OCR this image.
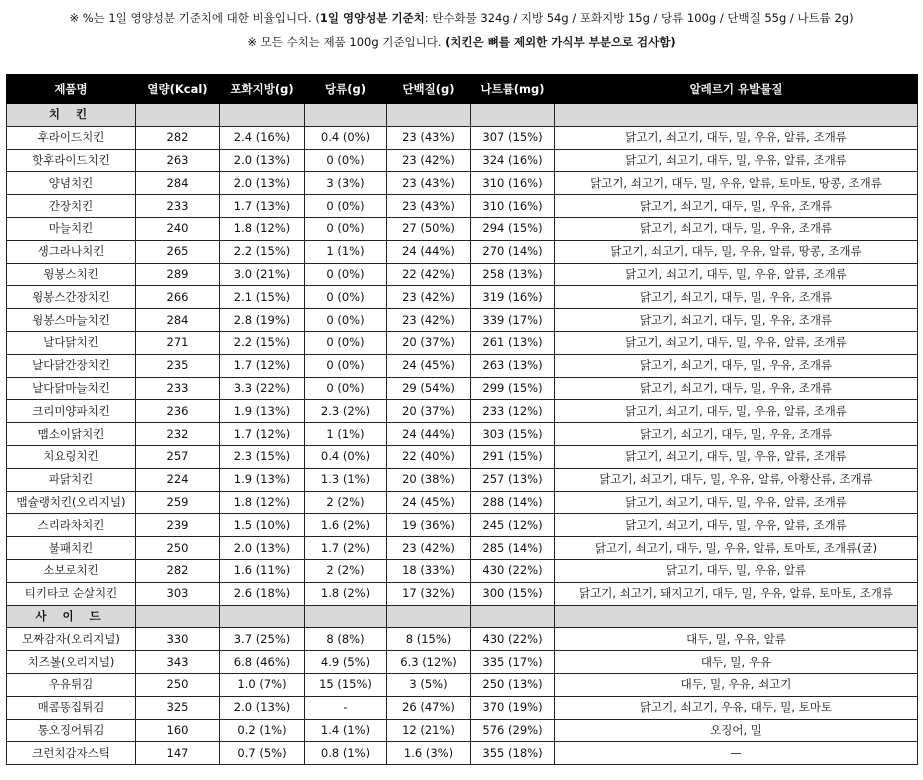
※ %는 1일 영양성분 기준치에 대한 비율입니다. (1일 영양성분 기준치: 탄수화물 324g / 지방 54g / 포화지방 15g / 당류 100g / 단백질 55g / 나트륨 2g)
※ 모든 수치는 제품 100g 기준입니다. (치킨은 뼈를 제외한 가식부 부분으로 검사함)
제품명	열량(Kcal)	포화지방(g)	당류(g)	단백질(g)	나트륨(mg)	알레르기 유발물질
치 킨						
후라이드치킨	282	2.4 (16%)	0.4 (0%)	23 (43%)	307 (15%)	닭고기, 쇠고기, 대두, 밀, 우유, 알류, 조개류
핫후라이드치킨	263	2.0 (13%)	0 (0%)	23 (42%)	324 (16%)	닭고기, 쇠고기, 대두, 밀, 우유, 알류, 조개류
양념치킨	284	2.0 (13%)	3 (3%)	23 (43%)	310 (16%)	닭고기, 쇠고기, 대두, 밀, 우유, 알류, 토마토, 땅콩, 조개류
간장치킨	233	1.7 (13%)	0 (0%)	23 (43%)	310 (16%)	닭고기, 쇠고기, 대두, 밀, 우유, 조개류
마늘치킨	240	1.8 (12%)	0 (0%)	27 (50%)	294 (15%)	닭고기, 쇠고기, 대두, 밀, 우유, 조개류
생그라나치킨	265	2.2 (15%)	1 (1%)	24 (44%)	270 (14%)	닭고기, 쇠고기, 대두, 밀, 우유, 알류, 땅콩, 조개류
윙봉스치킨	289	3.0 (21%)	0 (0%)	22 (42%)	258 (13%)	닭고기, 쇠고기, 대두, 밀, 우유, 알류, 조개류
윙봉스간장치킨	266	2.1 (15%)	0 (0%)	23 (42%)	319 (16%)	닭고기, 쇠고기, 대두, 밀, 우유, 조개류
윙봉스마늘치킨	284	2.8 (19%)	0 (0%)	23 (42%)	339 (17%)	닭고기, 쇠고기, 대두, 밀, 우유, 조개류
날다닭치킨	271	2.2 (15%)	0 (0%)	20 (37%)	261 (13%)	닭고기, 쇠고기, 대두, 밀, 우유, 알류, 조개류
날다닭간장치킨	235	1.7 (12%)	0 (0%)	24 (45%)	263 (13%)	닭고기, 쇠고기, 대두, 밀, 우유, 조개류
날다닭마늘치킨	233	3.3 (22%)	0 (0%)	29 (54%)	299 (15%)	닭고기, 쇠고기, 대두, 밀, 우유, 조개류
크리미양파치킨	236	1.9 (13%)	2.3 (2%)	20 (37%)	233 (12%)	닭고기, 쇠고기, 대두, 밀, 우유, 알류, 조개류
맵소이닭치킨	232	1.7 (12%)	1 (1%)	24 (44%)	303 (15%)	닭고기, 쇠고기, 대두, 밀, 우유, 조개류
치요링치킨	257	2.3 (15%)	0.4 (0%)	22 (40%)	291 (15%)	닭고기, 쇠고기, 대두, 밀, 우유, 알류, 조개류
파닭치킨	224	1.9 (13%)	1.3 (1%)	20 (38%)	257 (13%)	닭고기, 쇠고기, 대두, 밀, 우유, 알류, 아황산류, 조개류
맵슐랭치킨(오리지널)	259	1.8 (12%)	2 (2%)	24 (45%)	288 (14%)	닭고기, 쇠고기, 대두, 밀, 우유, 알류, 조개류
스리라차치킨	239	1.5 (10%)	1.6 (2%)	19 (36%)	245 (12%)	닭고기, 쇠고기, 대두, 밀, 우유, 알류, 조개류
불패치킨	250	2.0 (13%)	1.7 (2%)	23 (42%)	285 (14%)	닭고기, 쇠고기, 대두, 밀, 우유, 알류, 토마토, 조개류(굴)
소보로치킨	282	1.6 (11%)	2 (2%)	18 (33%)	430 (22%)	닭고기, 대두, 밀, 우유, 알류
티키타코 순살치킨	303	2.6 (18%)	1.8 (2%)	17 (32%)	300 (15%)	닭고기, 쇠고기, 돼지고기, 대두, 밀, 우유, 알류, 토마토, 조개류
사 이 드						
모짜감자(오리지널)	330	3.7 (25%)	8 (8%)	8 (15%)	430 (22%)	대두, 밀, 우유, 알류
치즈볼(오리지널)	343	6.8 (46%)	4.9 (5%)	6.3 (12%)	335 (17%)	대두, 밀, 우유
우유튀김	250	1.0 (7%)	15 (15%)	3 (5%)	250 (13%)	대두, 밀, 우유, 쇠고기
매콤똥집튀김	325	2.0 (13%)	-	26 (47%)	370 (19%)	닭고기, 쇠고기, 우유, 대두, 밀, 토마토
통오징어튀김	160	0.2 (1%)	1.4 (1%)	12 (21%)	576 (29%)	오징어, 밀
크런치감자스틱	147	0.7 (5%)	0.8 (1%)	1.6 (3%)	355 (18%)	—
